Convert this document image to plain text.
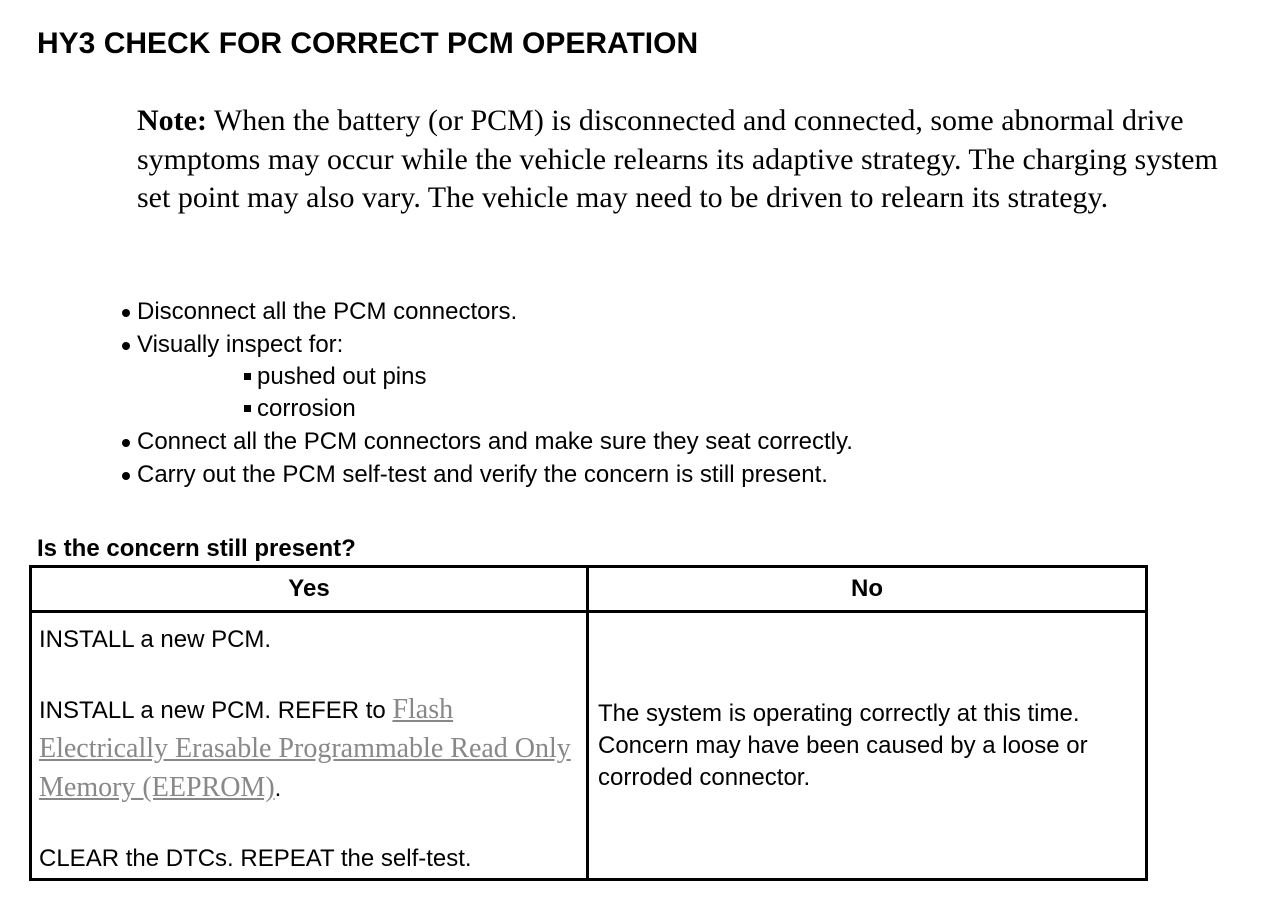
HY3 CHECK FOR CORRECT PCM OPERATION

Note: When the battery (or PCM) is disconnected and connected, some abnormal drive symptoms may occur while the vehicle relearns its adaptive strategy. The charging system set point may also vary. The vehicle may need to be driven to relearn its strategy.

Disconnect all the PCM connectors.
Visually inspect for:
pushed out pins
corrosion
Connect all the PCM connectors and make sure they seat correctly.
Carry out the PCM self-test and verify the concern is still present.

Is the concern still present?

Yes	No

INSTALL a new PCM.

INSTALL a new PCM. REFER to Flash Electrically Erasable Programmable Read Only Memory (EEPROM).

CLEAR the DTCs. REPEAT the self-test.	The system is operating correctly at this time. Concern may have been caused by a loose or corroded connector.
